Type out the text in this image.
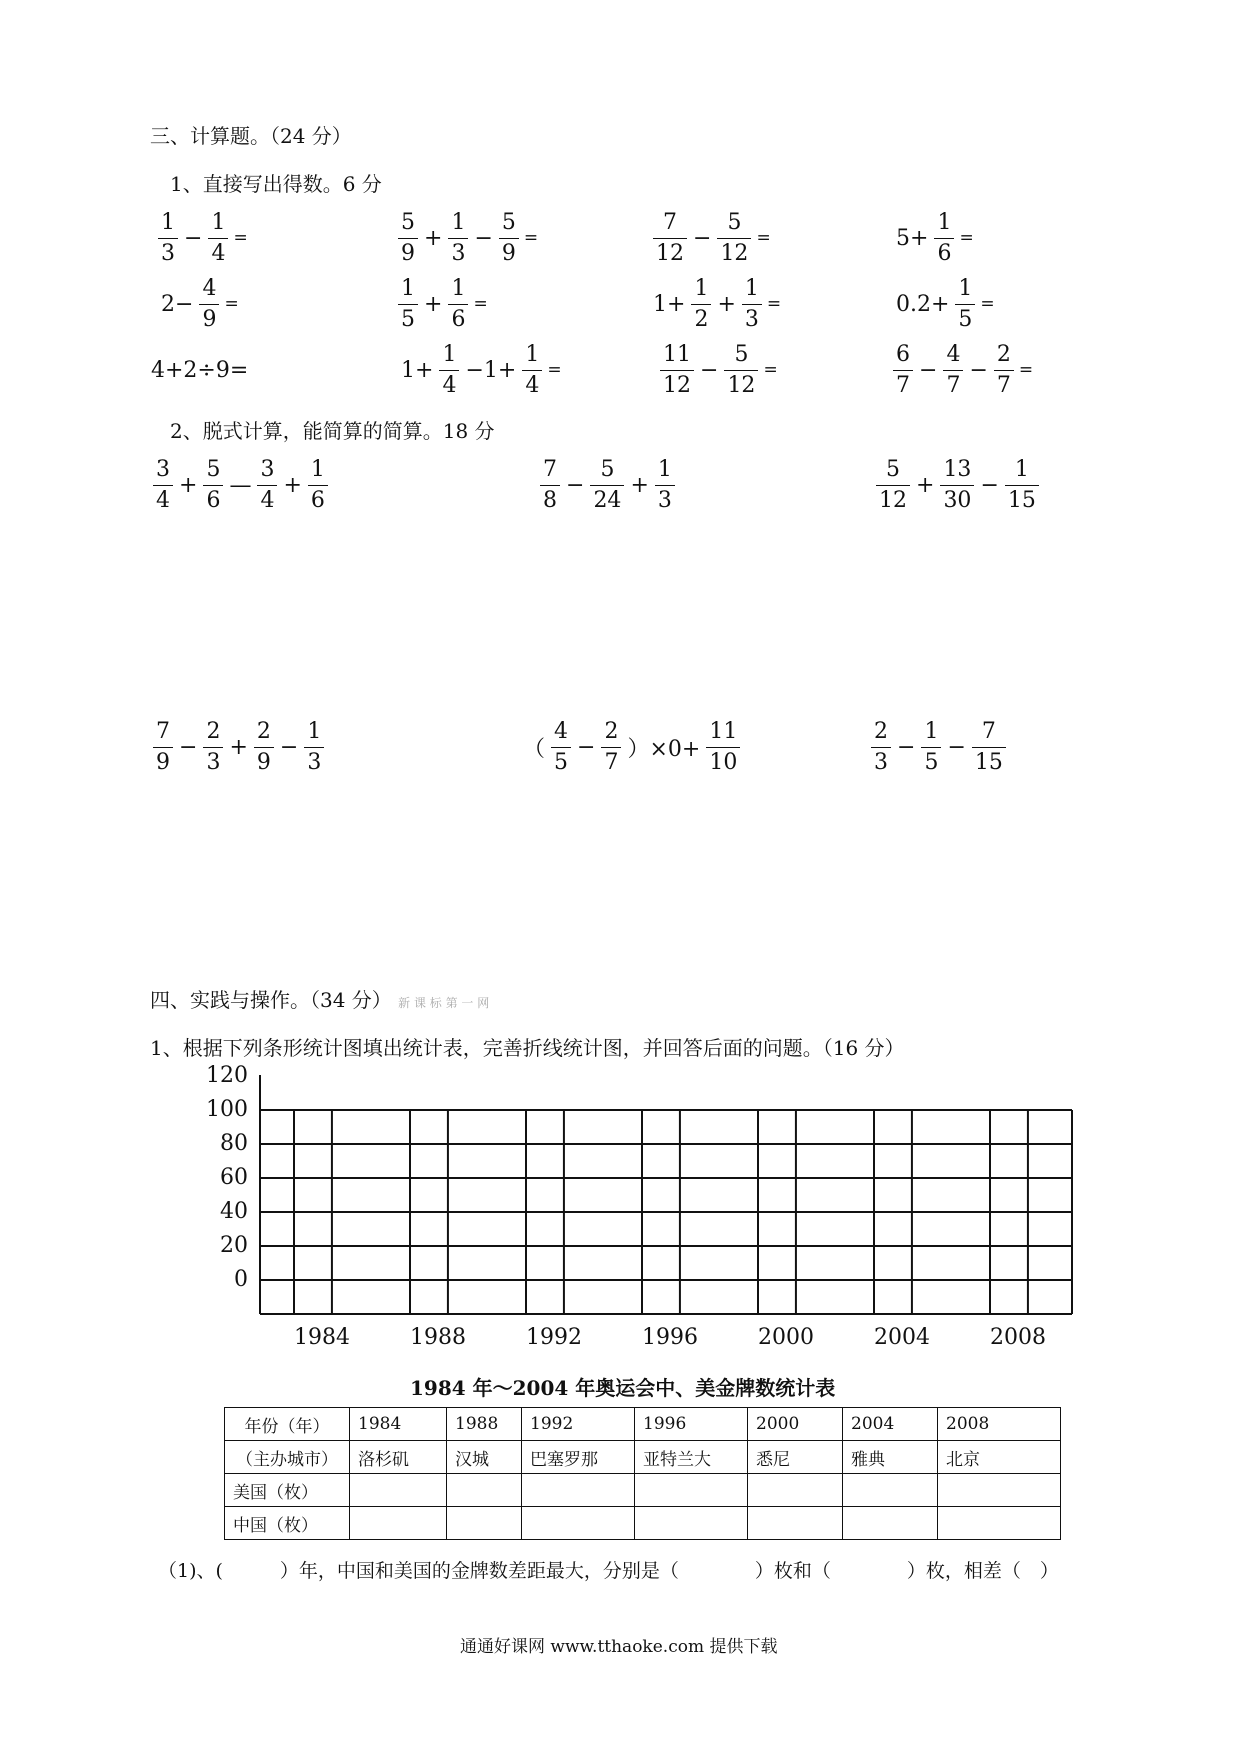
三、计算题。（24 分）
1、直接写出得数。6 分
$\frac{1}{3} - \frac{1}{4}$ =	$\frac{5}{9} + \frac{1}{3} - \frac{5}{9}$ =	$\frac{7}{12} - \frac{5}{12}$ =	$5+ \frac{1}{6}$ =
$2- \frac{4}{9}$ =	$\frac{1}{5} + \frac{1}{6}$ =	$1+ \frac{1}{2} + \frac{1}{3}$ =	$0.2+ \frac{1}{5}$ =
4+2÷9=	$1+ \frac{1}{4} -1+ \frac{1}{4}$ =	$\frac{11}{12} - \frac{5}{12}$ =	$\frac{6}{7} - \frac{4}{7} - \frac{2}{7}$ =
2、脱式计算，能简算的简算。18 分
$\frac{3}{4} + \frac{5}{6}$ — $\frac{3}{4} + \frac{1}{6}$	$\frac{7}{8} - \frac{5}{24} + \frac{1}{3}$	$\frac{5}{12} + \frac{13}{30} - \frac{1}{15}$
$\frac{7}{9} - \frac{2}{3} + \frac{2}{9} - \frac{1}{3}$	（ $\frac{4}{5} - \frac{2}{7} )\times 0+ \frac{11}{10}$	$\frac{2}{3} - \frac{1}{5} - \frac{7}{15}$
四、实践与操作。（34 分） 新 课 标 第 一 网
1、根据下列条形统计图填出统计表，完善折线统计图，并回答后面的问题。（16 分）
120
100
80
60
40
20
0
1984	1988	1992	1996	2000	2004	2008
1984 年～2004 年奥运会中、美金牌数统计表
年份（年）	1984	1988	1992	1996	2000	2004	2008
（主办城市）	洛杉矶	汉城	巴塞罗那	亚特兰大	悉尼	雅典	北京
美国（枚）							
中国（枚）							
（1)、(　　　）年，中国和美国的金牌数差距最大，分别是（　　　　）枚和（　　　　）枚，相差（　）
通通好课网 www.tthaoke.com 提供下载
